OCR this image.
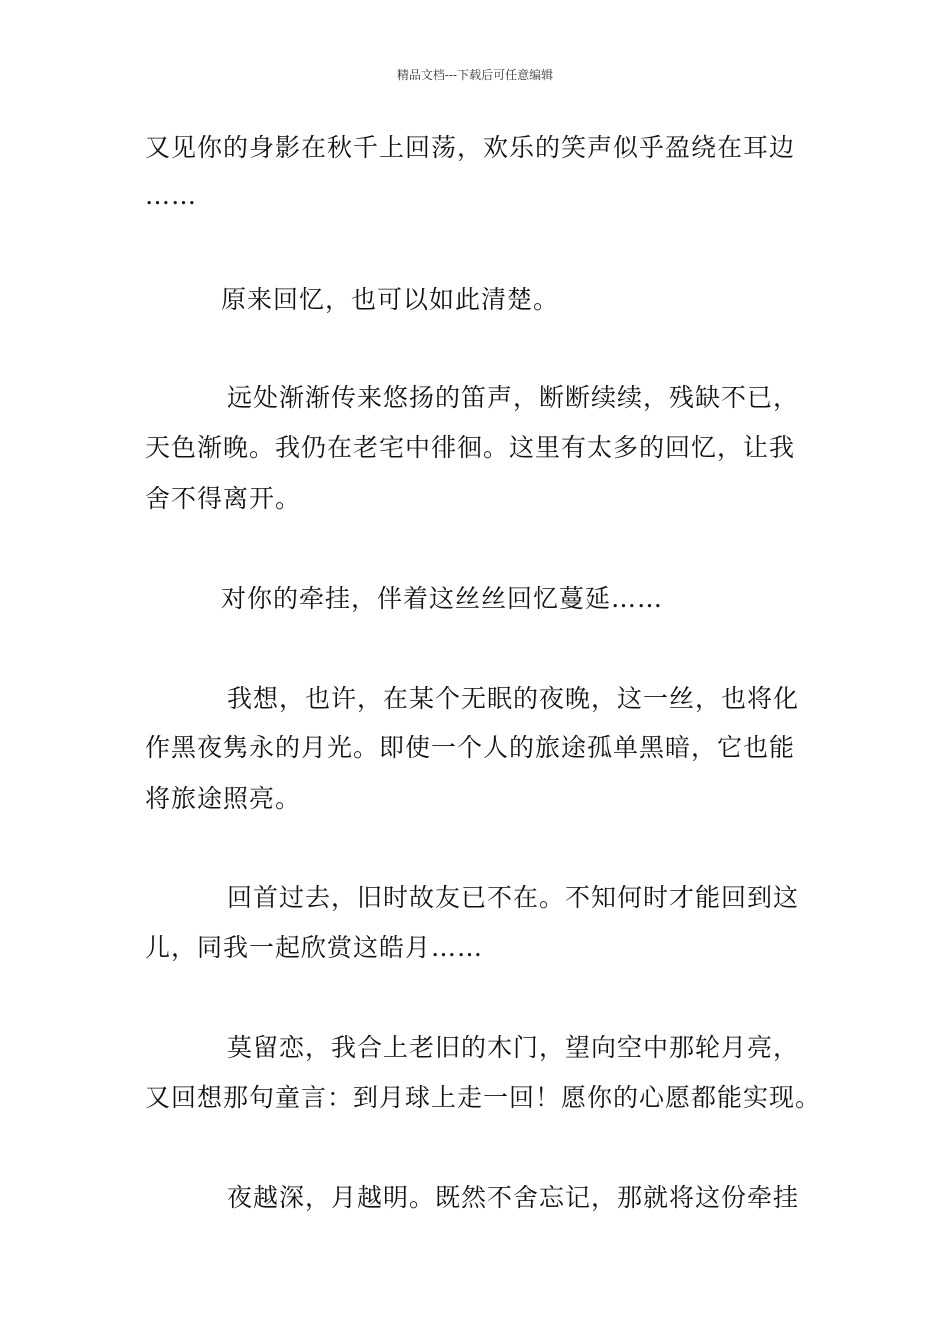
精品文档---下载后可任意编辑
又见你的身影在秋千上回荡，欢乐的笑声似乎盈绕在耳边
……
原来回忆，也可以如此清楚。
远处渐渐传来悠扬的笛声，断断续续，残缺不已，
天色渐晚。我仍在老宅中徘徊。这里有太多的回忆，让我
舍不得离开。
对你的牵挂，伴着这丝丝回忆蔓延……
我想，也许，在某个无眠的夜晚，这一丝，也将化
作黑夜隽永的月光。即使一个人的旅途孤单黑暗，它也能
将旅途照亮。
回首过去，旧时故友已不在。不知何时才能回到这
儿，同我一起欣赏这皓月……
莫留恋，我合上老旧的木门，望向空中那轮月亮，
又回想那句童言：到月球上走一回！愿你的心愿都能实现。
夜越深，月越明。既然不舍忘记，那就将这份牵挂
